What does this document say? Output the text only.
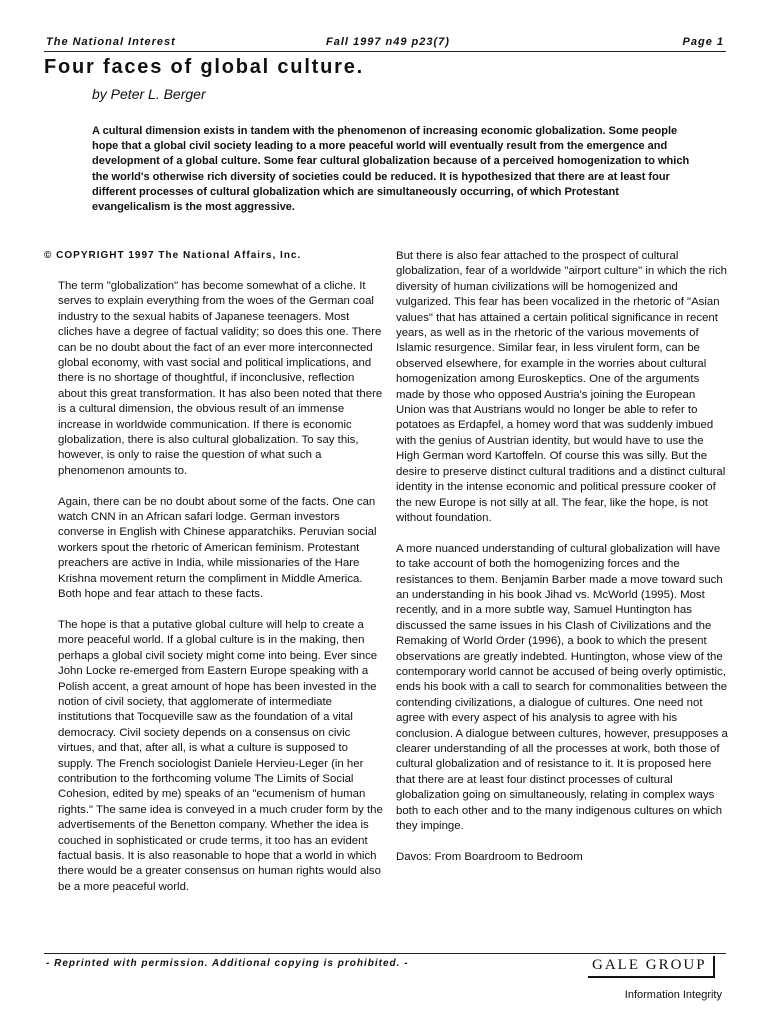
The National Interest	Fall 1997 n49 p23(7)	Page 1
Four faces of global culture.
by Peter L. Berger
A cultural dimension exists in tandem with the phenomenon of increasing economic globalization. Some people hope that a global civil society leading to a more peaceful world will eventually result from the emergence and development of a global culture. Some fear cultural globalization because of a perceived homogenization to which the world's otherwise rich diversity of societies could be reduced. It is hypothesized that there are at least four different processes of cultural globalization which are simultaneously occurring, of which Protestant evangelicalism is the most aggressive.
© COPYRIGHT 1997 The National Affairs, Inc.

The term "globalization" has become somewhat of a cliche. It serves to explain everything from the woes of the German coal industry to the sexual habits of Japanese teenagers. Most cliches have a degree of factual validity; so does this one. There can be no doubt about the fact of an ever more interconnected global economy, with vast social and political implications, and there is no shortage of thoughtful, if inconclusive, reflection about this great transformation. It has also been noted that there is a cultural dimension, the obvious result of an immense increase in worldwide communication. If there is economic globalization, there is also cultural globalization. To say this, however, is only to raise the question of what such a phenomenon amounts to.

Again, there can be no doubt about some of the facts. One can watch CNN in an African safari lodge. German investors converse in English with Chinese apparatchiks. Peruvian social workers spout the rhetoric of American feminism. Protestant preachers are active in India, while missionaries of the Hare Krishna movement return the compliment in Middle America. Both hope and fear attach to these facts.

The hope is that a putative global culture will help to create a more peaceful world. If a global culture is in the making, then perhaps a global civil society might come into being. Ever since John Locke re-emerged from Eastern Europe speaking with a Polish accent, a great amount of hope has been invested in the notion of civil society, that agglomerate of intermediate institutions that Tocqueville saw as the foundation of a vital democracy. Civil society depends on a consensus on civic virtues, and that, after all, is what a culture is supposed to supply. The French sociologist Daniele Hervieu-Leger (in her contribution to the forthcoming volume The Limits of Social Cohesion, edited by me) speaks of an "ecumenism of human rights." The same idea is conveyed in a much cruder form by the advertisements of the Benetton company. Whether the idea is couched in sophisticated or crude terms, it too has an evident factual basis. It is also reasonable to hope that a world in which there would be a greater consensus on human rights would also be a more peaceful world.

But there is also fear attached to the prospect of cultural globalization, fear of a worldwide "airport culture" in which the rich diversity of human civilizations will be homogenized and vulgarized. This fear has been vocalized in the rhetoric of "Asian values" that has attained a certain political significance in recent years, as well as in the rhetoric of the various movements of Islamic resurgence. Similar fear, in less virulent form, can be observed elsewhere, for example in the worries about cultural homogenization among Euroskeptics. One of the arguments made by those who opposed Austria's joining the European Union was that Austrians would no longer be able to refer to potatoes as Erdapfel, a homey word that was suddenly imbued with the genius of Austrian identity, but would have to use the High German word Kartoffeln. Of course this was silly. But the desire to preserve distinct cultural traditions and a distinct cultural identity in the intense economic and political pressure cooker of the new Europe is not silly at all. The fear, like the hope, is not without foundation.

A more nuanced understanding of cultural globalization will have to take account of both the homogenizing forces and the resistances to them. Benjamin Barber made a move toward such an understanding in his book Jihad vs. McWorld (1995). Most recently, and in a more subtle way, Samuel Huntington has discussed the same issues in his Clash of Civilizations and the Remaking of World Order (1996), a book to which the present observations are greatly indebted. Huntington, whose view of the contemporary world cannot be accused of being overly optimistic, ends his book with a call to search for commonalities between the contending civilizations, a dialogue of cultures. One need not agree with every aspect of his analysis to agree with his conclusion. A dialogue between cultures, however, presupposes a clearer understanding of all the processes at work, both those of cultural globalization and of resistance to it. It is proposed here that there are at least four distinct processes of cultural globalization going on simultaneously, relating in complex ways both to each other and to the many indigenous cultures on which they impinge.

Davos: From Boardroom to Bedroom

- Reprinted with permission. Additional copying is prohibited. -	GALE GROUP
Information Integrity
